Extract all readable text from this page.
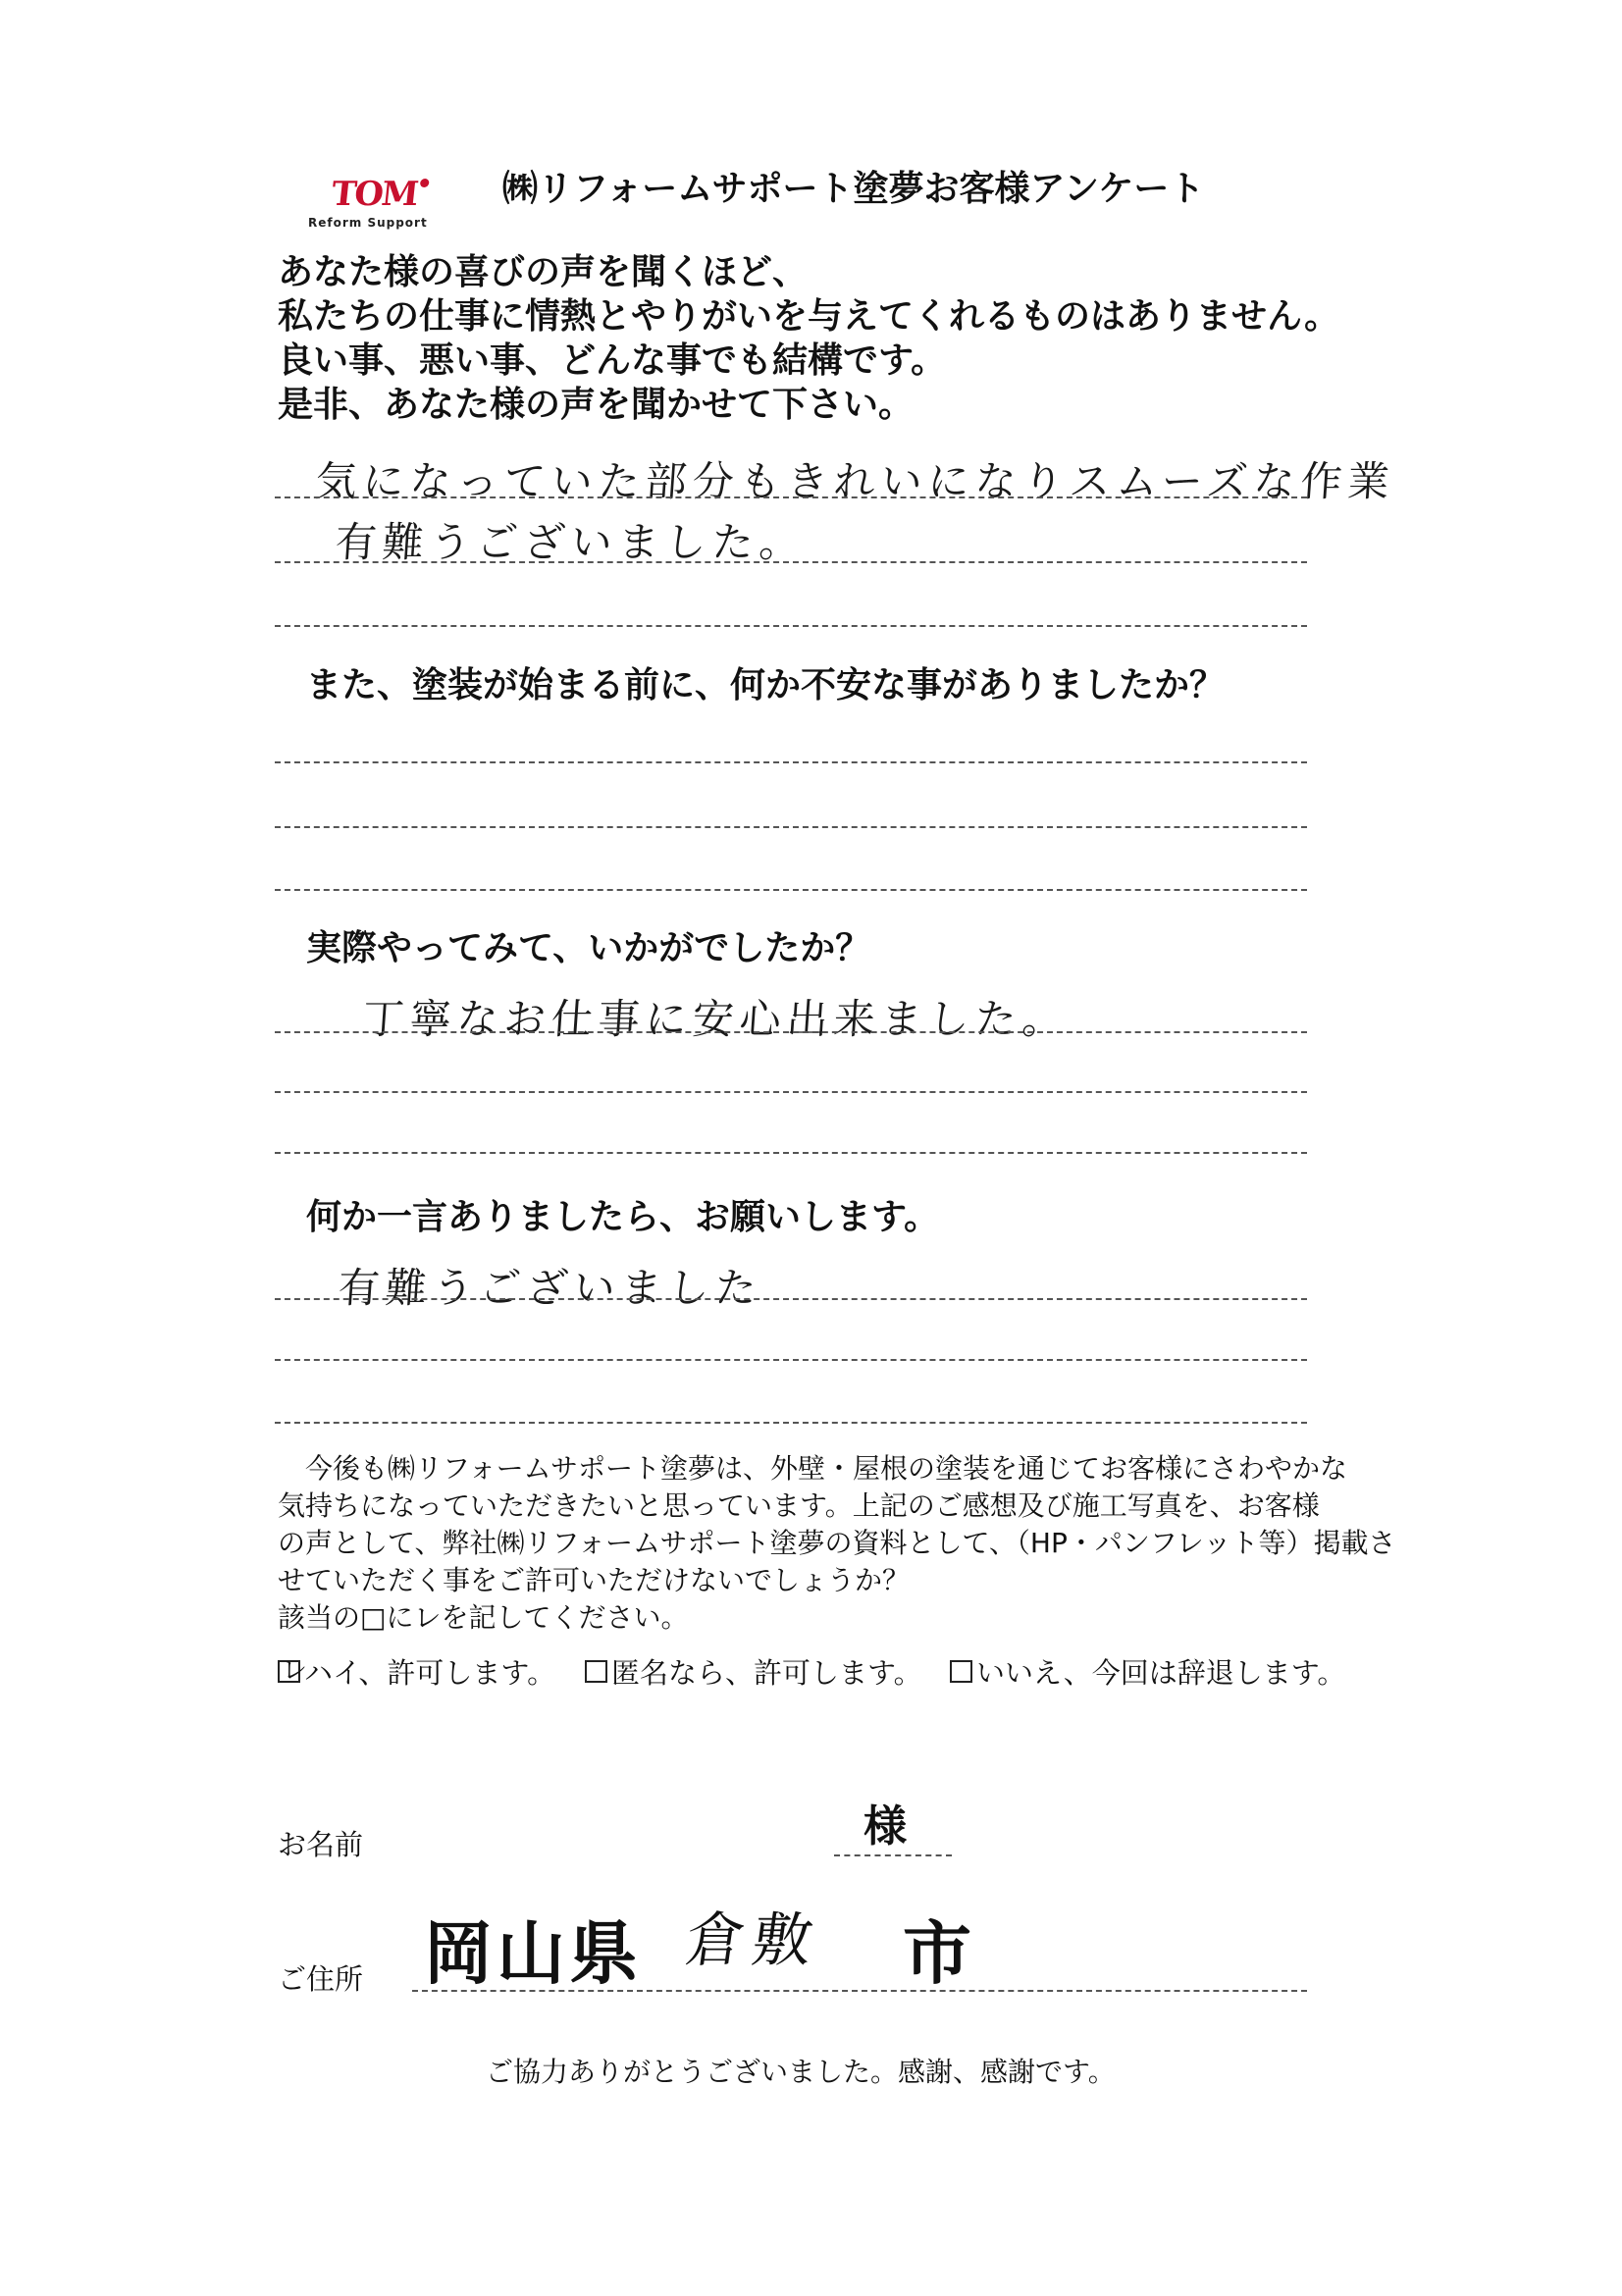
TOM
Reform Support
㈱リフォームサポート塗夢お客様アンケート
あなた様の喜びの声を聞くほど、
私たちの仕事に情熱とやりがいを与えてくれるものはありません。
良い事、悪い事、どんな事でも結構です。
是非、あなた様の声を聞かせて下さい。
気になっていた部分もきれいになりスムーズな作業
有難うございました。
また、塗装が始まる前に、何か不安な事がありましたか？
実際やってみて、いかがでしたか？
丁寧なお仕事に安心出来ました。
何か一言ありましたら、お願いします。
有難うございました
今後も㈱リフォームサポート塗夢は、外壁・屋根の塗装を通じてお客様にさわやかな
気持ちになっていただきたいと思っています。上記のご感想及び施工写真を、お客様
の声として、弊社㈱リフォームサポート塗夢の資料として、（HP・パンフレット等）掲載さ
せていただく事をご許可いただけないでしょうか？
該当の□にレを記してください。
レ
ハイ、許可します。 匿名なら、許可します。 いいえ、今回は辞退します。
お名前	様
ご住所 岡山県 倉敷 市
ご協力ありがとうございました。感謝、感謝です。
